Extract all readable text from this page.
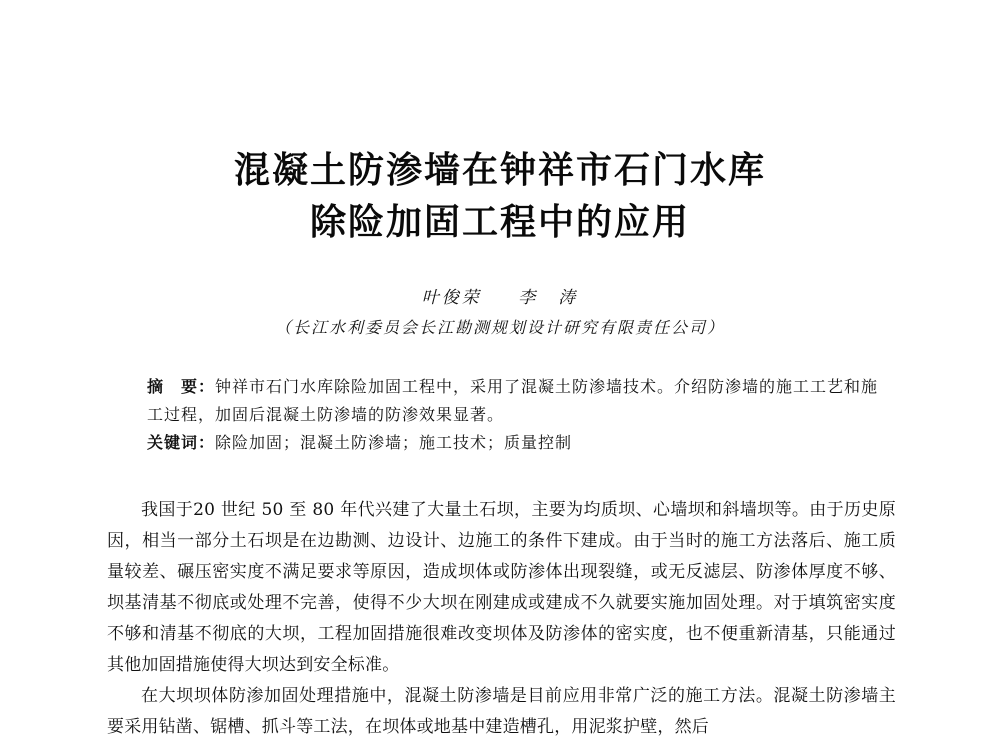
混凝土防渗墙在钟祥市石门水库
除险加固工程中的应用
叶俊荣 李　涛
（长江水利委员会长江勘测规划设计研究有限责任公司）
摘　要：钟祥市石门水库除险加固工程中，采用了混凝土防渗墙技术。介绍防渗墙的施工工艺和施工过程，加固后混凝土防渗墙的防渗效果显著。
关键词：除险加固；混凝土防渗墙；施工技术；质量控制

我国于20 世纪 50 至 80 年代兴建了大量土石坝，主要为均质坝、心墙坝和斜墙坝等。由于历史原因，相当一部分土石坝是在边勘测、边设计、边施工的条件下建成。由于当时的施工方法落后、施工质量较差、碾压密实度不满足要求等原因，造成坝体或防渗体出现裂缝，或无反滤层、防渗体厚度不够、坝基清基不彻底或处理不完善，使得不少大坝在刚建成或建成不久就要实施加固处理。对于填筑密实度不够和清基不彻底的大坝，工程加固措施很难改变坝体及防渗体的密实度，也不便重新清基，只能通过其他加固措施使得大坝达到安全标准。

在大坝坝体防渗加固处理措施中，混凝土防渗墙是目前应用非常广泛的施工方法。混凝土防渗墙主要采用钻凿、锯槽、抓斗等工法，在坝体或地基中建造槽孔，用泥浆护壁，然后
